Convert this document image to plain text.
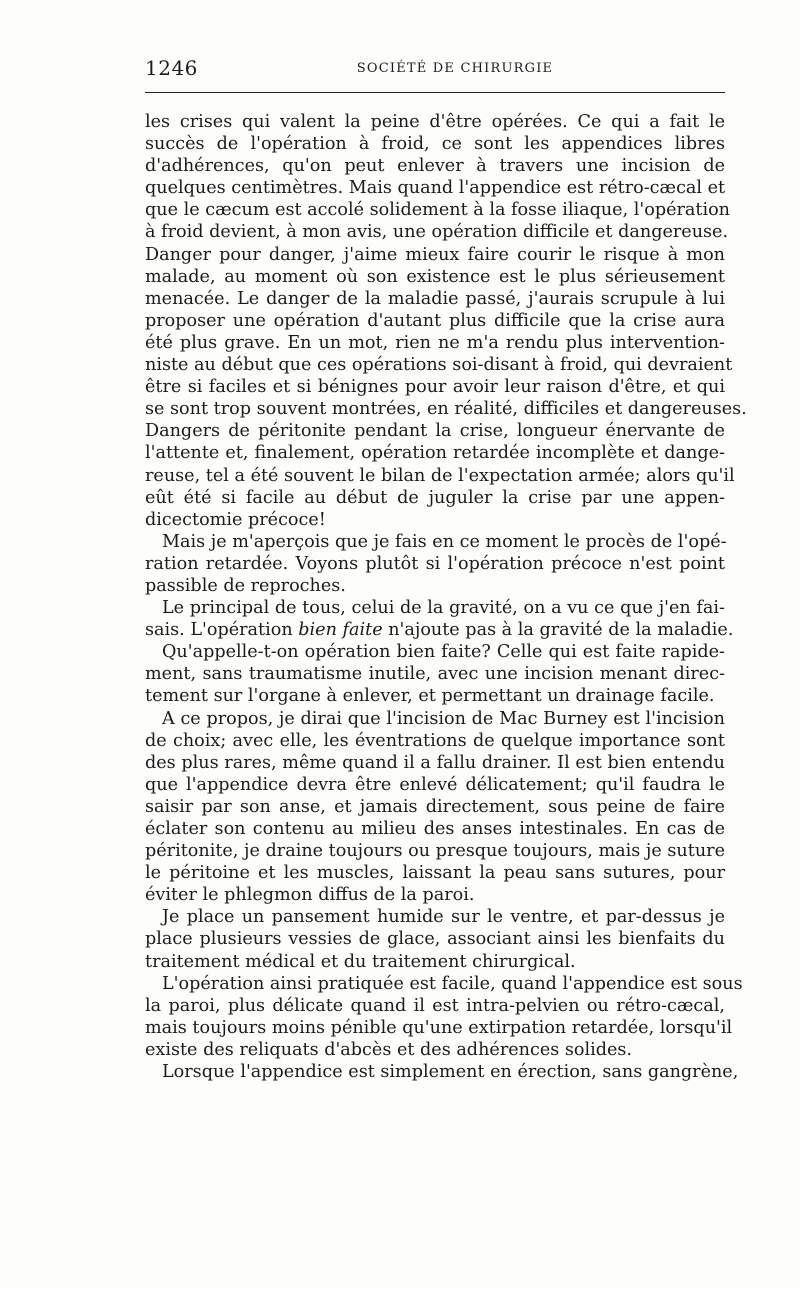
1246	SOCIÉTÉ DE CHIRURGIE
les crises qui valent la peine d'être opérées. Ce qui a fait le
succès de l'opération à froid, ce sont les appendices libres
d'adhérences, qu'on peut enlever à travers une incision de
quelques centimètres. Mais quand l'appendice est rétro-cæcal et
que le cæcum est accolé solidement à la fosse iliaque, l'opération
à froid devient, à mon avis, une opération difficile et dangereuse.
Danger pour danger, j'aime mieux faire courir le risque à mon
malade, au moment où son existence est le plus sérieusement
menacée. Le danger de la maladie passé, j'aurais scrupule à lui
proposer une opération d'autant plus difficile que la crise aura
été plus grave. En un mot, rien ne m'a rendu plus intervention-
niste au début que ces opérations soi-disant à froid, qui devraient
être si faciles et si bénignes pour avoir leur raison d'être, et qui
se sont trop souvent montrées, en réalité, difficiles et dangereuses.
Dangers de péritonite pendant la crise, longueur énervante de
l'attente et, finalement, opération retardée incomplète et dange-
reuse, tel a été souvent le bilan de l'expectation armée; alors qu'il
eût été si facile au début de juguler la crise par une appen-
dicectomie précoce!
Mais je m'aperçois que je fais en ce moment le procès de l'opé-
ration retardée. Voyons plutôt si l'opération précoce n'est point
passible de reproches.
Le principal de tous, celui de la gravité, on a vu ce que j'en fai-
sais. L'opération bien faite n'ajoute pas à la gravité de la maladie.
Qu'appelle-t-on opération bien faite? Celle qui est faite rapide-
ment, sans traumatisme inutile, avec une incision menant direc-
tement sur l'organe à enlever, et permettant un drainage facile.
A ce propos, je dirai que l'incision de Mac Burney est l'incision
de choix; avec elle, les éventrations de quelque importance sont
des plus rares, même quand il a fallu drainer. Il est bien entendu
que l'appendice devra être enlevé délicatement; qu'il faudra le
saisir par son anse, et jamais directement, sous peine de faire
éclater son contenu au milieu des anses intestinales. En cas de
péritonite, je draine toujours ou presque toujours, mais je suture
le péritoine et les muscles, laissant la peau sans sutures, pour
éviter le phlegmon diffus de la paroi.
Je place un pansement humide sur le ventre, et par-dessus je
place plusieurs vessies de glace, associant ainsi les bienfaits du
traitement médical et du traitement chirurgical.
L'opération ainsi pratiquée est facile, quand l'appendice est sous
la paroi, plus délicate quand il est intra-pelvien ou rétro-cæcal,
mais toujours moins pénible qu'une extirpation retardée, lorsqu'il
existe des reliquats d'abcès et des adhérences solides.
Lorsque l'appendice est simplement en érection, sans gangrène,
